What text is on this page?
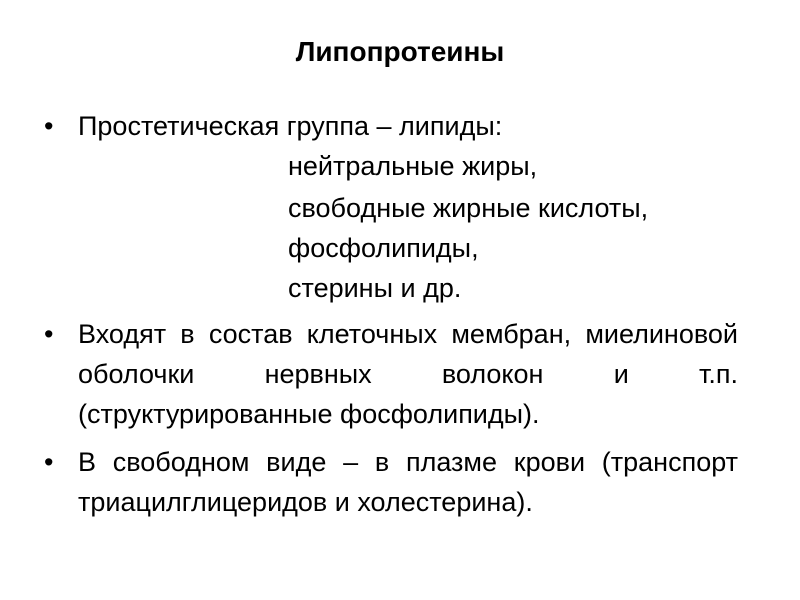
Липопротеины
• Простетическая группа – липиды:
нейтральные жиры,
свободные жирные кислоты,
фосфолипиды,
стерины и др.
• Входят в состав клеточных мембран, миелиновой оболочки нервных волокон и т.п. (структурированные фосфолипиды).
• В свободном виде – в плазме крови (транспорт триацилглицеридов и холестерина).
